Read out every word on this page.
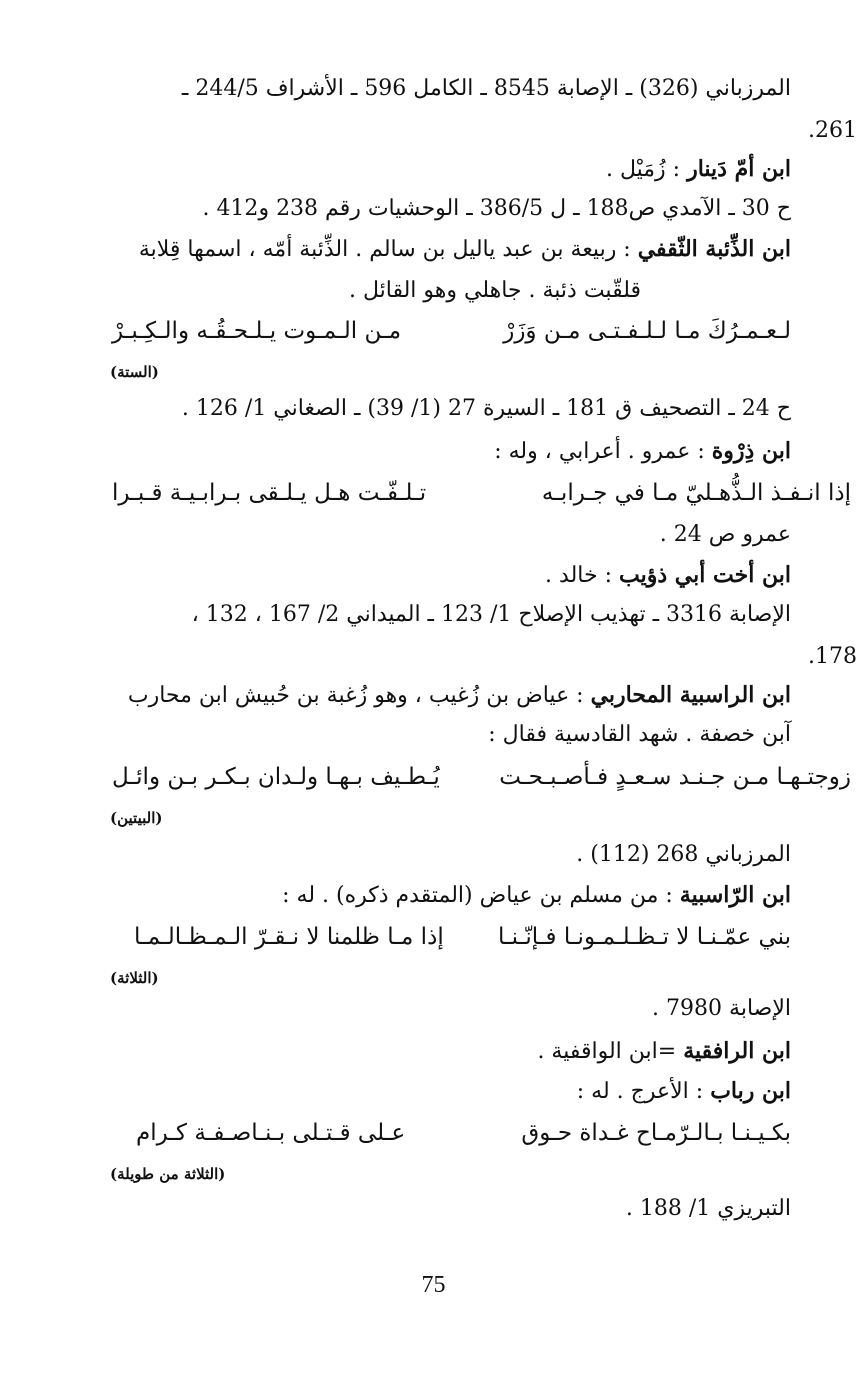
المرزباني (326) ـ الإصابة 8545 ـ الكامل 596 ـ الأشراف 244/5 ـ

.261

ابن أمّ دَينار : زُمَيْل .

ح 30 ـ الآمدي ص188 ـ ل 386/5 ـ الوحشيات رقم 238 و412 .

ابن الذِّئبة الثّقفي : ربيعة بن عبد ياليل بن سالم . الذِّئبة أمّه ، اسمها قِلابة

قلقّبت ذئبة . جاهلي وهو القائل .

لـعـمـرُكَ مـا لـلـفـتـى مـن وَزَرْ
مـن الـمـوت يـلـحـقُـه والـكِـبـرْ
(الستة)

ح 24 ـ التصحيف ق 181 ـ السيرة 27 (1/ 39) ـ الصغاني 1/ 126 .

ابن ذِرْوة : عمرو . أعرابي ، وله :

إذا انـفـذ الـذُّهـليّ مـا في جـرابـه
تـلـفّـت هـل يـلـقى بـرابـيـة قـبـرا

عمرو ص 24 .

ابن أخت أبي ذؤيب : خالد .

الإصابة 3316 ـ تهذيب الإصلاح 1/ 123 ـ الميداني 2/ 167 ، 132 ،

.178

ابن الراسبية المحاربي : عياض بن زُغيب ، وهو زُغبة بن حُبيش ابن محارب

آبن خصفة . شهد القادسية فقال :

زوجتـهـا مـن جـنـد سـعـدٍ فـأصـبـحـت
يُـطـيف بـهـا ولـدان بـكـر بـن وائـل
(البيتين)

المرزباني 268 (112) .

ابن الرّاسبية : من مسلم بن عياض (المتقدم ذكره) . له :

بني عمّـنـا لا تـظـلـمـونـا فـإنّـنـا
إذا مـا ظلمنا لا نـقـرّ الـمـظـالـمـا
(الثلاثة)

الإصابة 7980 .

ابن الرافقية =ابن الواقفية .

ابن رباب : الأعرج . له :

بكـيـنـا بـالـرّمـاح غـداة حـوق
عـلى قـتـلى بـنـاصـفـة كـرام
(الثلاثة من طويلة)

التبريزي 1/ 188 .

75
